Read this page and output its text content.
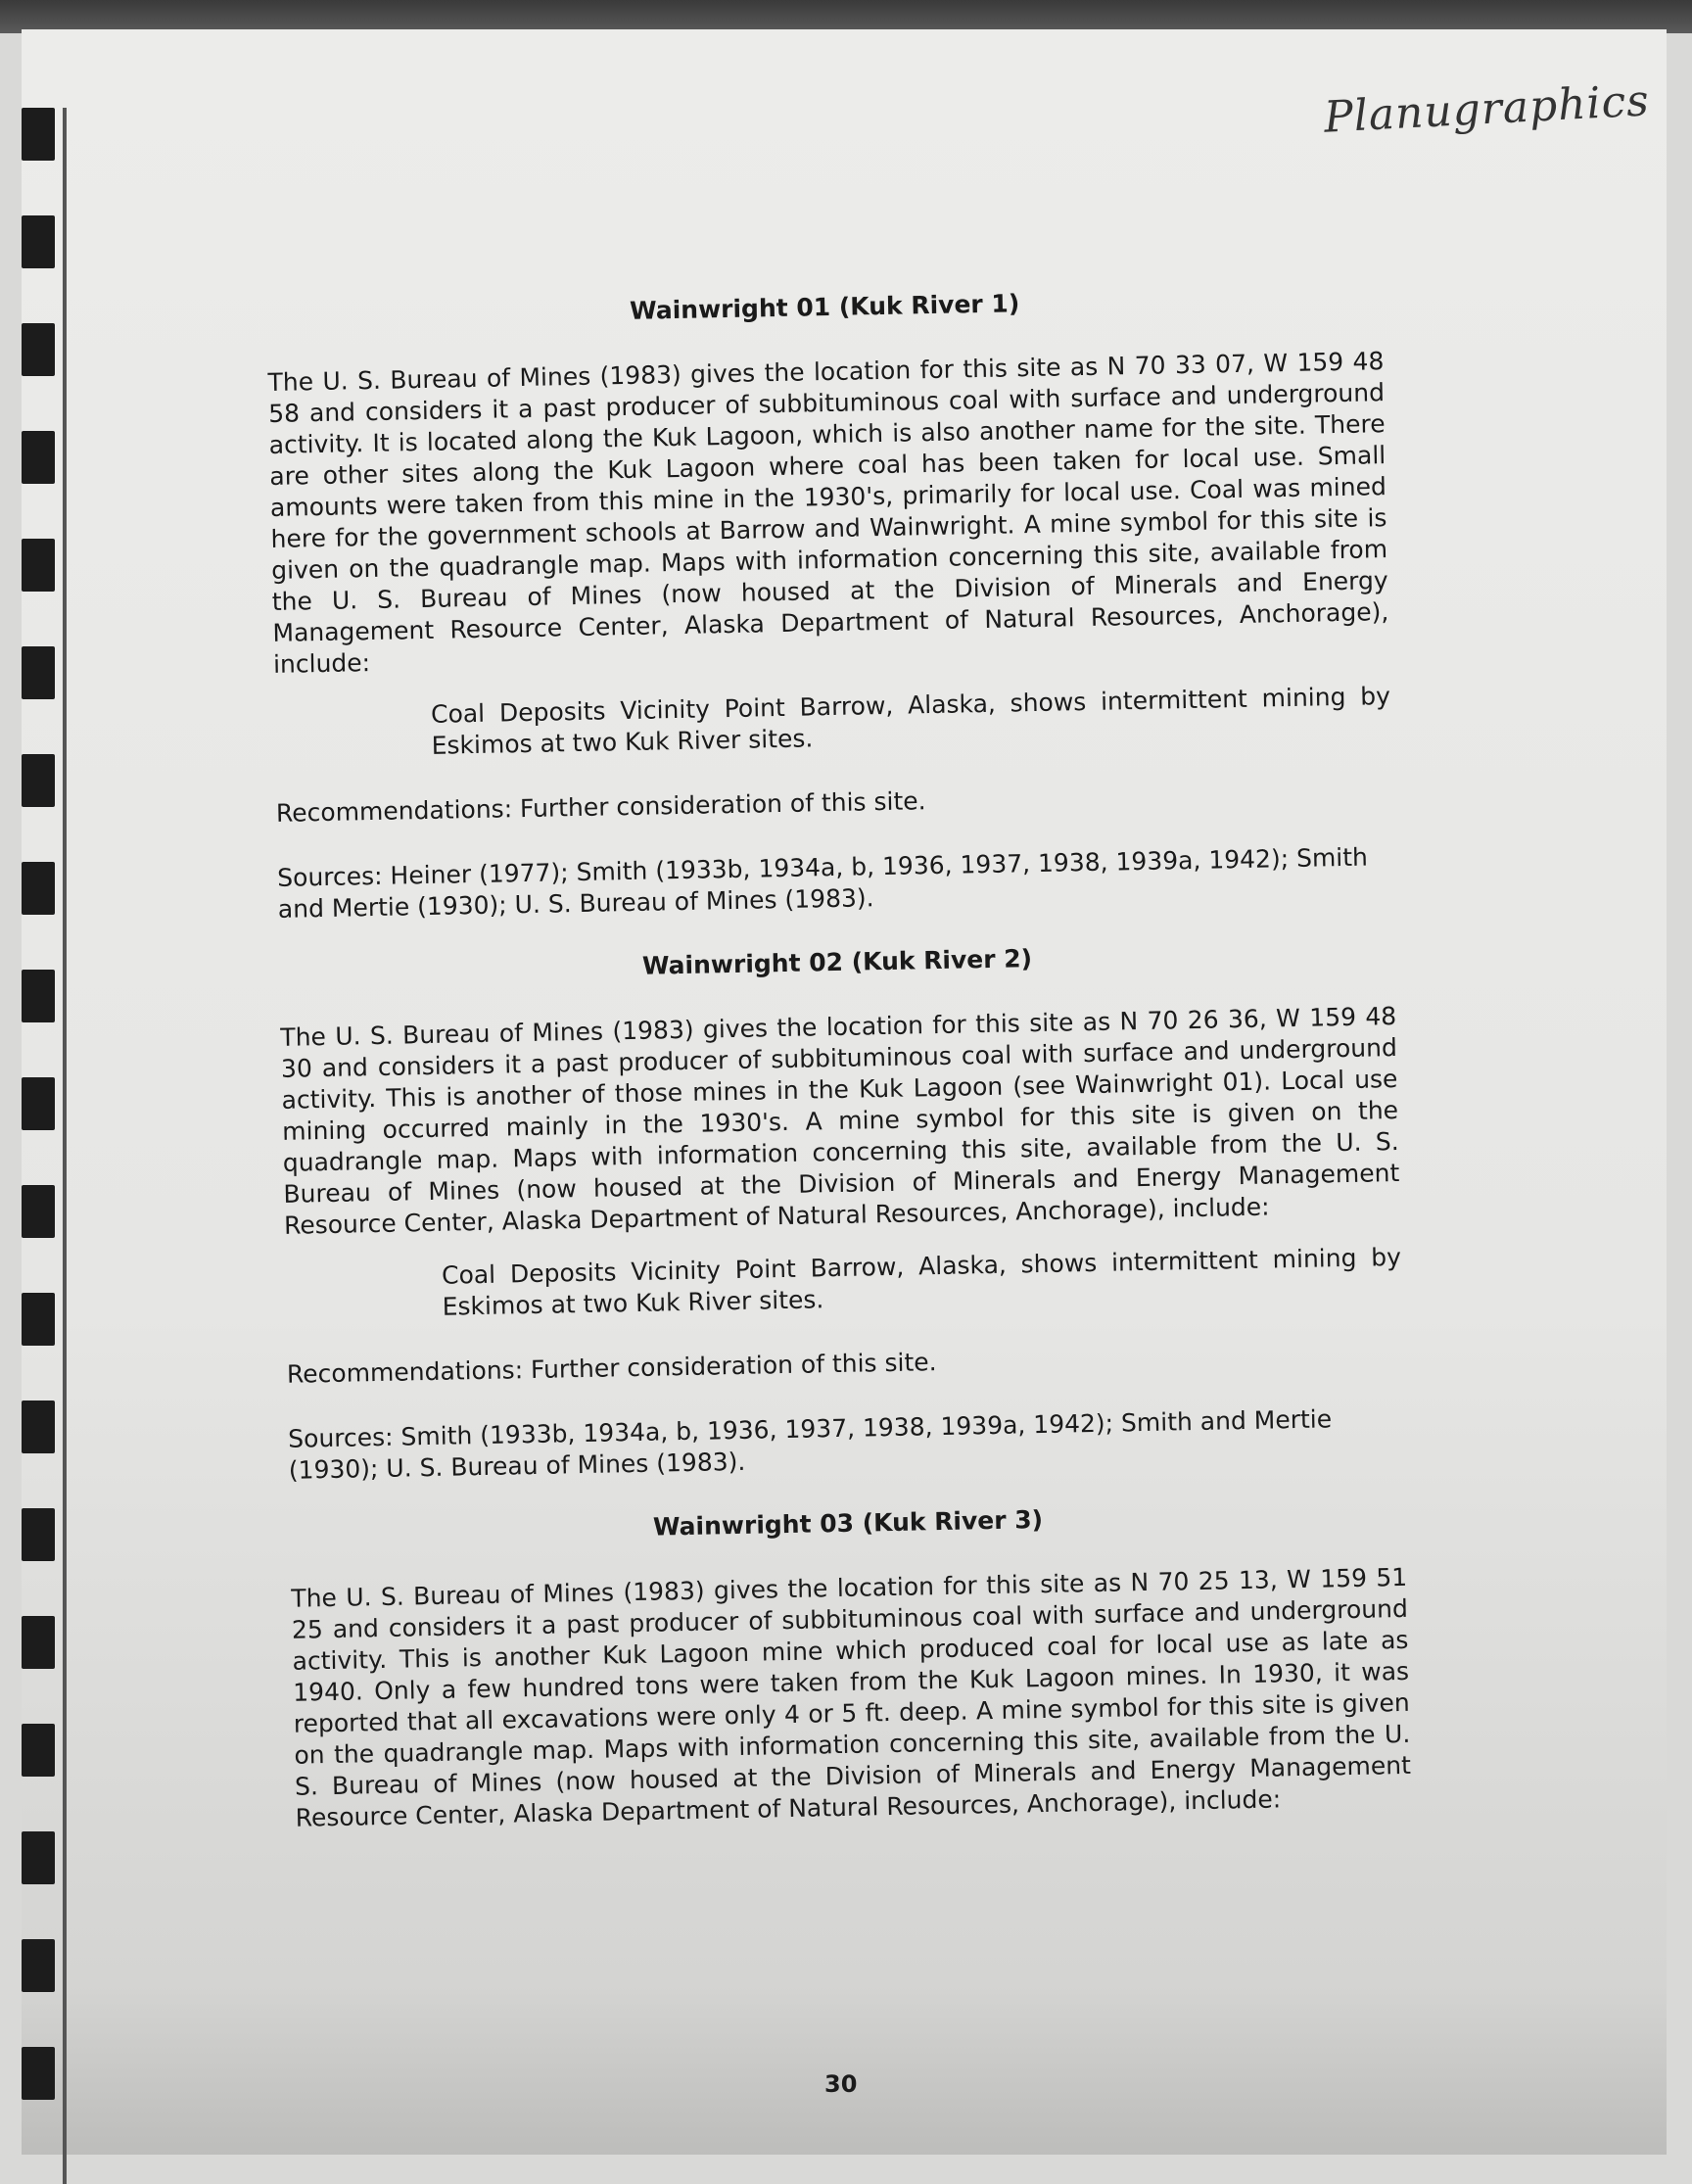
Planugraphics
Wainwright 01 (Kuk River 1)
The U. S. Bureau of Mines (1983) gives the location for this site as N 70 33 07, W 159 48 58 and considers it a past producer of subbituminous coal with surface and underground activity. It is located along the Kuk Lagoon, which is also another name for the site. There are other sites along the Kuk Lagoon where coal has been taken for local use. Small amounts were taken from this mine in the 1930's, primarily for local use. Coal was mined here for the government schools at Barrow and Wainwright. A mine symbol for this site is given on the quadrangle map. Maps with information concerning this site, available from the U. S. Bureau of Mines (now housed at the Division of Minerals and Energy Management Resource Center, Alaska Department of Natural Resources, Anchorage), include:
Coal Deposits Vicinity Point Barrow, Alaska, shows intermittent mining by Eskimos at two Kuk River sites.
Recommendations: Further consideration of this site.
Sources: Heiner (1977); Smith (1933b, 1934a, b, 1936, 1937, 1938, 1939a, 1942); Smith and Mertie (1930); U. S. Bureau of Mines (1983).
Wainwright 02 (Kuk River 2)
The U. S. Bureau of Mines (1983) gives the location for this site as N 70 26 36, W 159 48 30 and considers it a past producer of subbituminous coal with surface and underground activity. This is another of those mines in the Kuk Lagoon (see Wainwright 01). Local use mining occurred mainly in the 1930's. A mine symbol for this site is given on the quadrangle map. Maps with information concerning this site, available from the U. S. Bureau of Mines (now housed at the Division of Minerals and Energy Management Resource Center, Alaska Department of Natural Resources, Anchorage), include:
Coal Deposits Vicinity Point Barrow, Alaska, shows intermittent mining by Eskimos at two Kuk River sites.
Recommendations: Further consideration of this site.
Sources: Smith (1933b, 1934a, b, 1936, 1937, 1938, 1939a, 1942); Smith and Mertie (1930); U. S. Bureau of Mines (1983).
Wainwright 03 (Kuk River 3)
The U. S. Bureau of Mines (1983) gives the location for this site as N 70 25 13, W 159 51 25 and considers it a past producer of subbituminous coal with surface and underground activity. This is another Kuk Lagoon mine which produced coal for local use as late as 1940. Only a few hundred tons were taken from the Kuk Lagoon mines. In 1930, it was reported that all excavations were only 4 or 5 ft. deep. A mine symbol for this site is given on the quadrangle map. Maps with information concerning this site, available from the U. S. Bureau of Mines (now housed at the Division of Minerals and Energy Management Resource Center, Alaska Department of Natural Resources, Anchorage), include:
30
